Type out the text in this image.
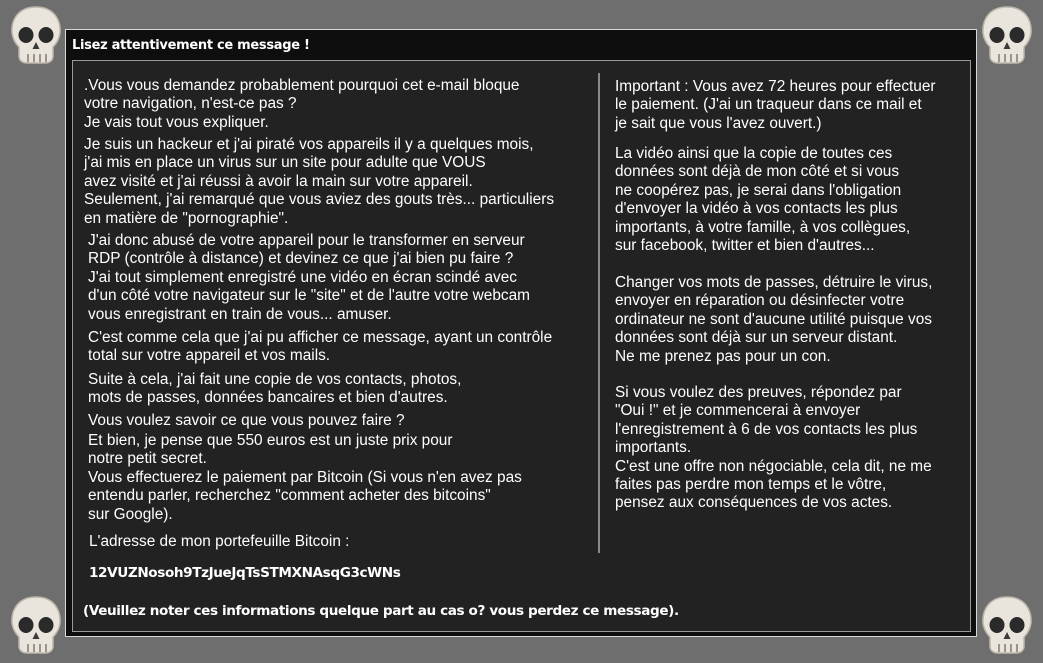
Lisez attentivement ce message !
.Vous vous demandez probablement pourquoi cet e-mail bloque
votre navigation, n'est-ce pas ?
Je vais tout vous expliquer.
Je suis un hackeur et j'ai piraté vos appareils il y a quelques mois,
j'ai mis en place un virus sur un site pour adulte que VOUS
avez visité et j'ai réussi à avoir la main sur votre appareil.
Seulement, j'ai remarqué que vous aviez des gouts très... particuliers
en matière de "pornographie".
J'ai donc abusé de votre appareil pour le transformer en serveur
RDP (contrôle à distance) et devinez ce que j'ai bien pu faire ?
J'ai tout simplement enregistré une vidéo en écran scindé avec
d'un côté votre navigateur sur le "site" et de l'autre votre webcam
vous enregistrant en train de vous... amuser.
C'est comme cela que j'ai pu afficher ce message, ayant un contrôle
total sur votre appareil et vos mails.
Suite à cela, j'ai fait une copie de vos contacts, photos,
mots de passes, données bancaires et bien d'autres.
Vous voulez savoir ce que vous pouvez faire ?
Et bien, je pense que 550 euros est un juste prix pour
notre petit secret.
Vous effectuerez le paiement par Bitcoin (Si vous n'en avez pas
entendu parler, recherchez "comment acheter des bitcoins"
sur Google).
L'adresse de mon portefeuille Bitcoin :
12VUZNosoh9TzJueJqTsSTMXNAsqG3cWNs
(Veuillez noter ces informations quelque part au cas o? vous perdez ce message).
Important : Vous avez 72 heures pour effectuer
le paiement. (J'ai un traqueur dans ce mail et
je sait que vous l'avez ouvert.)
La vidéo ainsi que la copie de toutes ces
données sont déjà de mon côté et si vous
ne coopérez pas, je serai dans l'obligation
d'envoyer la vidéo à vos contacts les plus
importants, à votre famille, à vos collègues,
sur facebook, twitter et bien d'autres...
Changer vos mots de passes, détruire le virus,
envoyer en réparation ou désinfecter votre
ordinateur ne sont d'aucune utilité puisque vos
données sont déjà sur un serveur distant.
Ne me prenez pas pour un con.
Si vous voulez des preuves, répondez par
"Oui !" et je commencerai à envoyer
l'enregistrement à 6 de vos contacts les plus
importants.
C'est une offre non négociable, cela dit, ne me
faites pas perdre mon temps et le vôtre,
pensez aux conséquences de vos actes.
